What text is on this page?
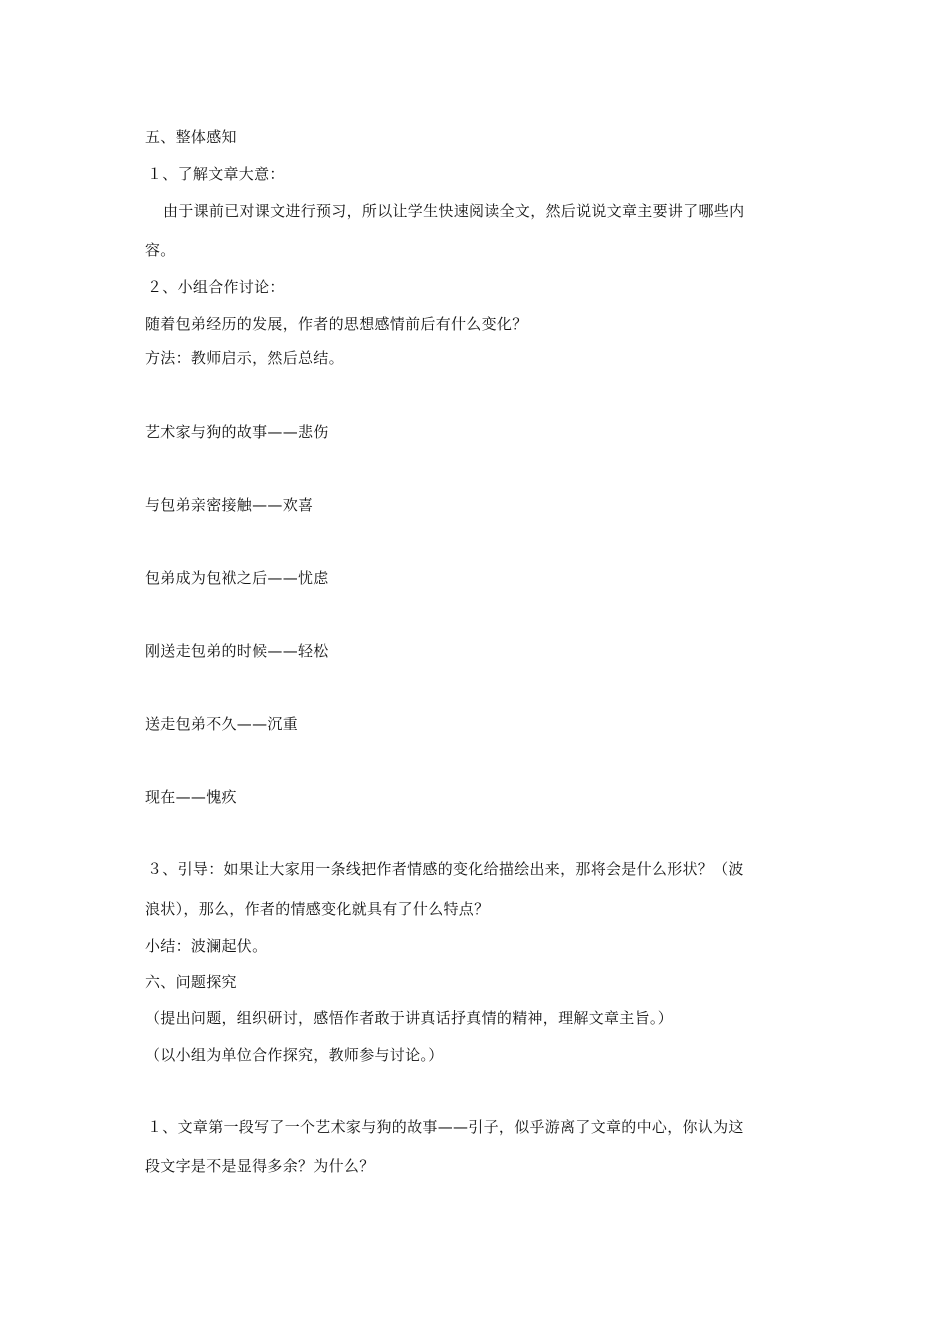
五、整体感知
１、了解文章大意：
由于课前已对课文进行预习，所以让学生快速阅读全文，然后说说文章主要讲了哪些内
容。
２、小组合作讨论：
随着包弟经历的发展，作者的思想感情前后有什么变化？
方法：教师启示，然后总结。
艺术家与狗的故事——悲伤
与包弟亲密接触——欢喜
包弟成为包袱之后——忧虑
刚送走包弟的时候——轻松
送走包弟不久——沉重
现在——愧疚
３、引导：如果让大家用一条线把作者情感的变化给描绘出来，那将会是什么形状？（波
浪状），那么，作者的情感变化就具有了什么特点？
小结：波澜起伏。
六、问题探究
（提出问题，组织研讨，感悟作者敢于讲真话抒真情的精神，理解文章主旨。）
（以小组为单位合作探究，教师参与讨论。）
１、文章第一段写了一个艺术家与狗的故事——引子，似乎游离了文章的中心，你认为这
段文字是不是显得多余？为什么？
